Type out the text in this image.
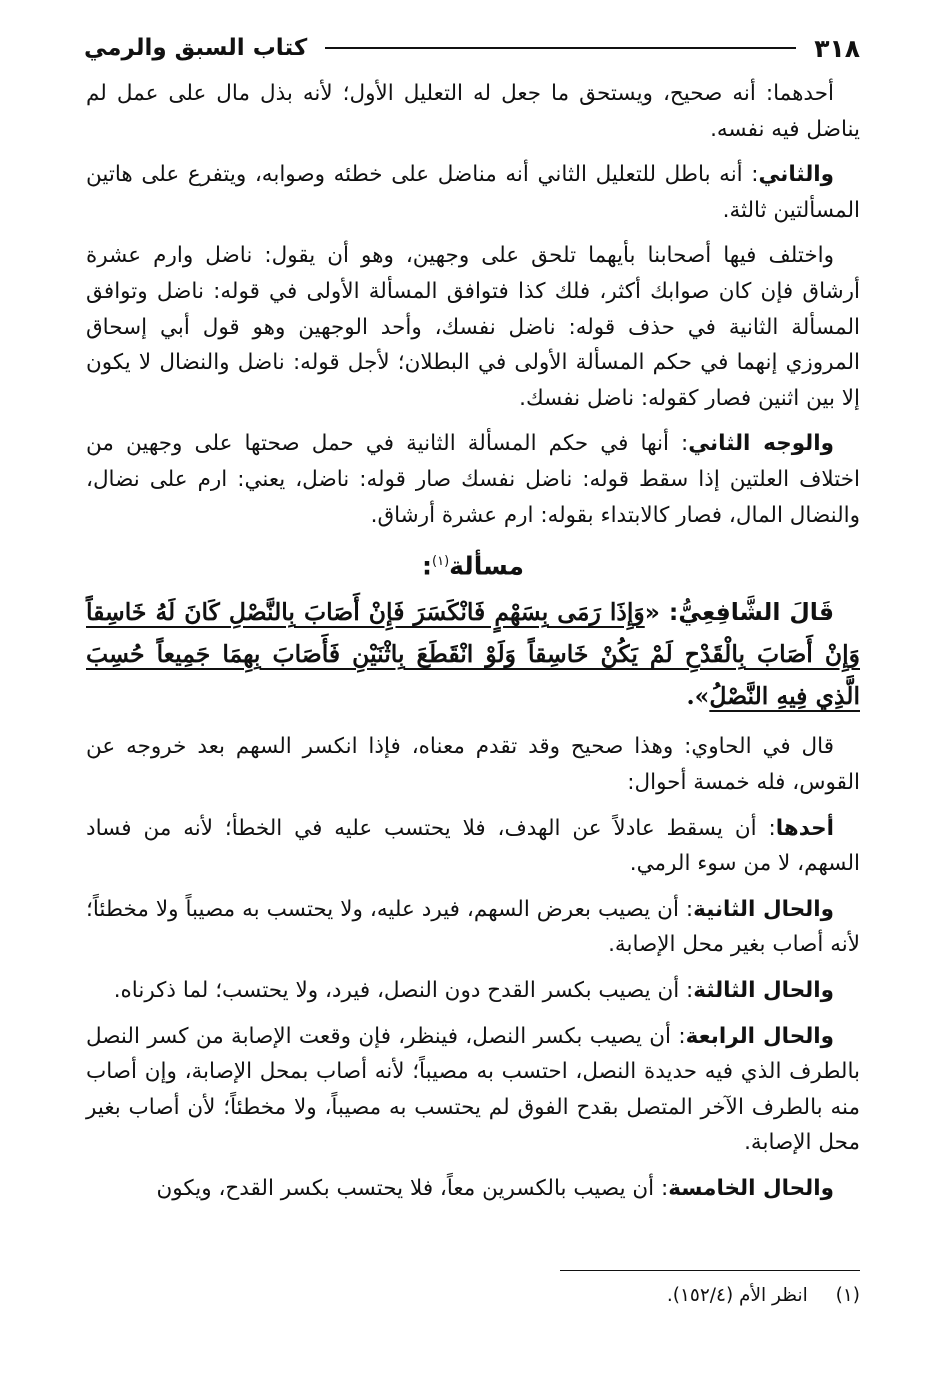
٣١٨
كتاب السبق والرمي

أحدهما: أنه صحيح، ويستحق ما جعل له التعليل الأول؛ لأنه بذل مال على عمل لم يناضل فيه نفسه.

والثاني: أنه باطل للتعليل الثاني أنه مناضل على خطئه وصوابه، ويتفرع على هاتين المسألتين ثالثة.

واختلف فيها أصحابنا بأيهما تلحق على وجهين، وهو أن يقول: ناضل وارم عشرة أرشاق فإن كان صوابك أكثر، فلك كذا فتوافق المسألة الأولى في قوله: ناضل وتوافق المسألة الثانية في حذف قوله: ناضل نفسك، وأحد الوجهين وهو قول أبي إسحاق المروزي إنهما في حكم المسألة الأولى في البطلان؛ لأجل قوله: ناضل والنضال لا يكون إلا بين اثنين فصار كقوله: ناضل نفسك.

والوجه الثاني: أنها في حكم المسألة الثانية في حمل صحتها على وجهين من اختلاف العلتين إذا سقط قوله: ناضل نفسك صار قوله: ناضل، يعني: ارم على نضال، والنضال المال، فصار كالابتداء بقوله: ارم عشرة أرشاق.

مسألة$^{(١)}$:

قَالَ الشَّافِعِيُّ: «وَإِذَا رَمَى بِسَهْمٍ فَانْكَسَرَ فَإِنْ أَصَابَ بِالنَّصْلِ كَانَ لَهُ خَاسِقاً وَإِنْ أَصَابَ بِالْقَدْحِ لَمْ يَكُنْ خَاسِقاً وَلَوْ انْقَطَعَ بِاثْنَيْنِ فَأَصَابَ بِهِمَا جَمِيعاً حُسِبَ الَّذِي فِيهِ النَّصْلُ».

قال في الحاوي: وهذا صحيح وقد تقدم معناه، فإذا انكسر السهم بعد خروجه عن القوس، فله خمسة أحوال:

أحدها: أن يسقط عادلاً عن الهدف، فلا يحتسب عليه في الخطأ؛ لأنه من فساد السهم، لا من سوء الرمي.

والحال الثانية: أن يصيب بعرض السهم، فيرد عليه، ولا يحتسب به مصيباً ولا مخطئاً؛ لأنه أصاب بغير محل الإصابة.

والحال الثالثة: أن يصيب بكسر القدح دون النصل، فيرد، ولا يحتسب؛ لما ذكرناه.

والحال الرابعة: أن يصيب بكسر النصل، فينظر، فإن وقعت الإصابة من كسر النصل بالطرف الذي فيه حديدة النصل، احتسب به مصيباً؛ لأنه أصاب بمحل الإصابة، وإن أصاب منه بالطرف الآخر المتصل بقدح الفوق لم يحتسب به مصيباً، ولا مخطئاً؛ لأن أصاب بغير محل الإصابة.

والحال الخامسة: أن يصيب بالكسرين معاً، فلا يحتسب بكسر القدح، ويكون

(١) انظر الأم (١٥٢/٤).
